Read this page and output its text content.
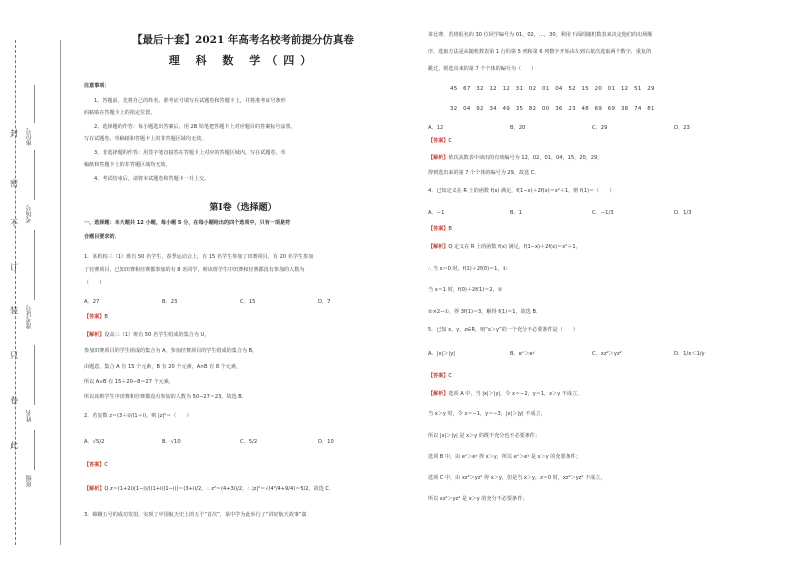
封
密
不
订
装
只
卷
此
座位号
考场号
准考证号
姓名
班级
【最后十套】2021 年高考名校考前提分仿真卷
理 科 数 学（四）
注意事项：
1、答题前，先将自己的姓名、准考证号填写在试题卷和答题卡上，并将准考证号条形
码粘贴在答题卡上的指定位置。
2、选择题的作答：每小题选出答案后，用 2B 铅笔把答题卡上对应题目的答案标号涂黑，
写在试题卷、草稿纸和答题卡上的非答题区域均无效。
3、非选择题的作答：用签字笔直接答在答题卡上对应的答题区域内。写在试题卷、草
稿纸和答题卡上的非答题区域均无效。
4、考试结束后，请将本试题卷和答题卡一并上交。
第Ⅰ卷（选择题）
一、选择题：本大题共 12 小题，每小题 5 分，在每小题给出的四个选项中，只有一项是符
合题目要求的．
1．某机构三（1）班有 50 名学生，春季运动会上，有 15 名学生参加了田赛项目，有 20 名学生参加
了径赛项目，已知田赛和径赛都参加的有 8 名同学，则该班学生中田赛和径赛都没有参加的人数为
（　　）
A．27	B．23	C．15	D．7
【答案】B
【解析】设高三（1）班有 50 名学生组成的集合为 U，
参加田赛项目的学生组成的集合为 A，参加径赛项目的学生组成的集合为 B，
由题意，集合 A 有 15 个元素，B 有 20 个元素，A∩B 有 8 个元素，
所以 A∪B 有 15＋20−8＝27 个元素，
所以该班学生中田赛和径赛都没有参加的人数为 50−27＝23，故选 B．
2．若复数 z＝(3＋i)/(1＋i)，则 |z|²＝（　　）
A．√5/2	B．√10	C．5/2	D．10
【答案】C
【解析】Q z＝(1+2i)(1−i)/((1+i)(1−i))＝(3+i)/2，∴ z²＝(4+3i)/2，∴ |z|²＝√(4²/4+9/4)＝5/2，故选 C．
3．嫦娥五号的成功发射，实现了中国航天史上的五个“首次”，某中学为此举行了“讲好航天故事”演
讲比赛．若将报名的 30 位同学编号为 01，02，…，30，利用下面的随机数表来决定他们的出场顺
序，选取方法是从随机数表第 1 行的第 5 列和第 6 列数字开始由左到右依次选取两个数字，重复的
跳过，则选出来的第 7 个个体的编号为（　　）
45　67　32　12　12　31　02　01　04　52　15　20　01　12　51　29
32　04　92　34　49　35　82　00　36　23　48　69　69　38　74　81
A．12	B．20	C．29	D．23
【答案】C
【解析】依次从数表中读出的有效编号为 12，02，01，04，15，20，29，
得到选出来的第 7 个个体的编号为 29，故选 C．
4．已知定义在 R 上的函数 f(x) 满足，f(1−x)＋2f(x)＝x²＋1，则 f(1)＝（　　）
A．−1	B．1	C．−1/3	D．1/3
【答案】B
【解析】Q 定义在 R 上的函数 f(x) 满足，f(1−x)＋2f(x)＝x²＋1，
∴ 当 x＝0 时，f(1)＋2f(0)＝1，①
当 x＝1 时，f(0)＋2f(1)＝2，②
②×2−①，得 3f(1)＝3，解得 f(1)＝1，故选 B．
5．已知 x，y，z∈R，则“x＞y”的一个充分不必要条件是（　　）
A．|x|＞|y|	B．eˣ＞eʸ	C．xz²＞yz²	D．1/x＜1/y
【答案】C
【解析】选项 A 中，当 |x|＞|y|，令 x＝−2，y＝1，x＞y 不成立，
当 x＞y 时，令 x＝−1，y＝−3，|x|＞|y| 不成立，
所以 |x|＞|y| 是 x＞y 的既不充分也不必要条件；
选项 B 中，由 eˣ＞eʸ 得 x＞y，所以 eˣ＞eʸ 是 x＞y 的充要条件；
选项 C 中，由 xz²＞yz² 得 x＞y，但是当 x＞y，z＝0 时，xz²＞yz² 不成立，
所以 xz²＞yz² 是 x＞y 的充分不必要条件；
